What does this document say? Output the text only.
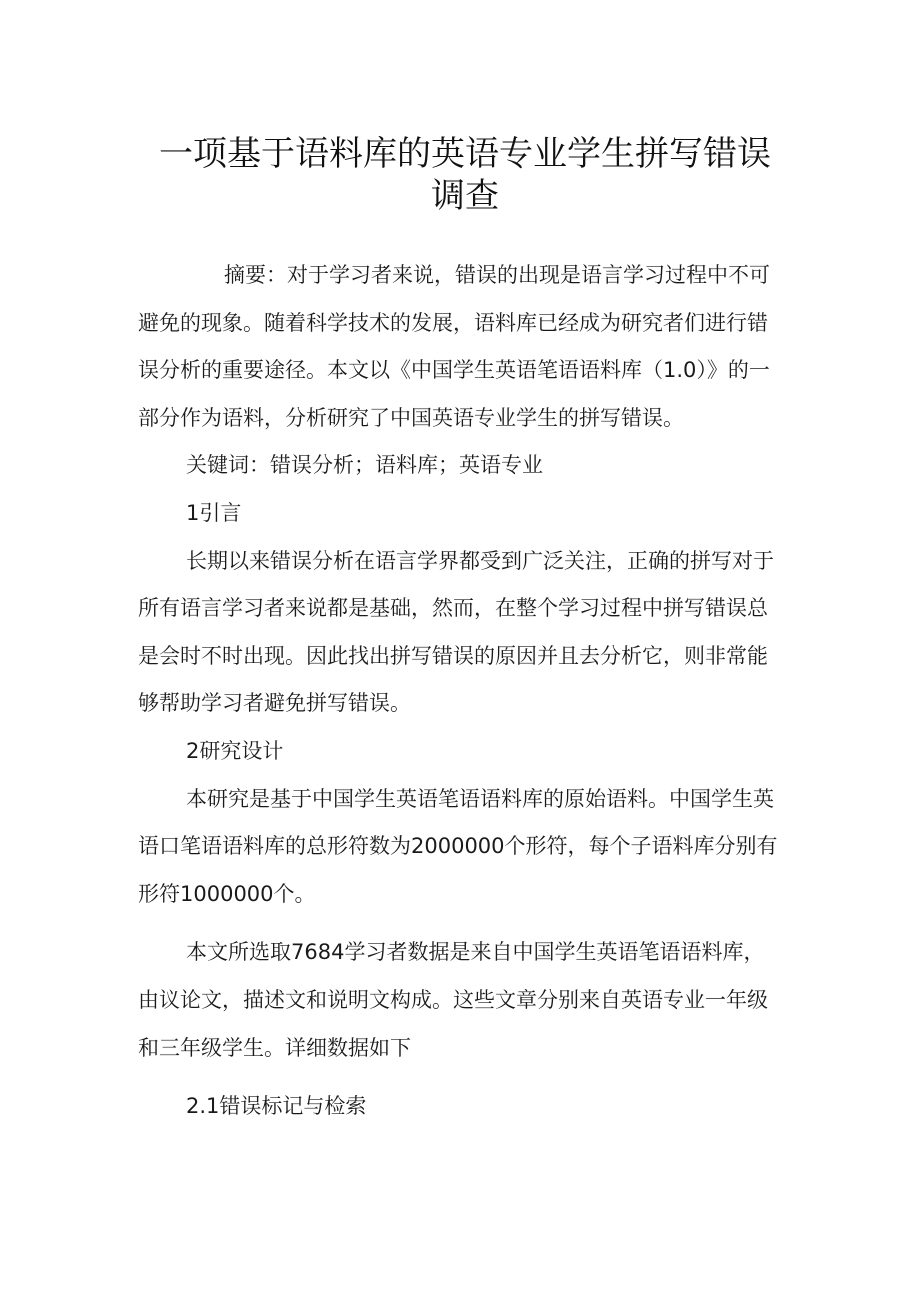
一项基于语料库的英语专业学生拼写错误
调查

摘要：对于学习者来说，错误的出现是语言学习过程中不可避免的现象。随着科学技术的发展，语料库已经成为研究者们进行错误分析的重要途径。本文以《中国学生英语笔语语料库（1.0）》的一部分作为语料，分析研究了中国英语专业学生的拼写错误。

关键词：错误分析；语料库；英语专业

1引言

长期以来错误分析在语言学界都受到广泛关注，正确的拼写对于所有语言学习者来说都是基础，然而，在整个学习过程中拼写错误总是会时不时出现。因此找出拼写错误的原因并且去分析它，则非常能够帮助学习者避免拼写错误。

2研究设计

本研究是基于中国学生英语笔语语料库的原始语料。中国学生英语口笔语语料库的总形符数为2000000个形符，每个子语料库分别有形符1000000个。

本文所选取7684学习者数据是来自中国学生英语笔语语料库，由议论文，描述文和说明文构成。这些文章分别来自英语专业一年级和三年级学生。详细数据如下

2.1错误标记与检索
